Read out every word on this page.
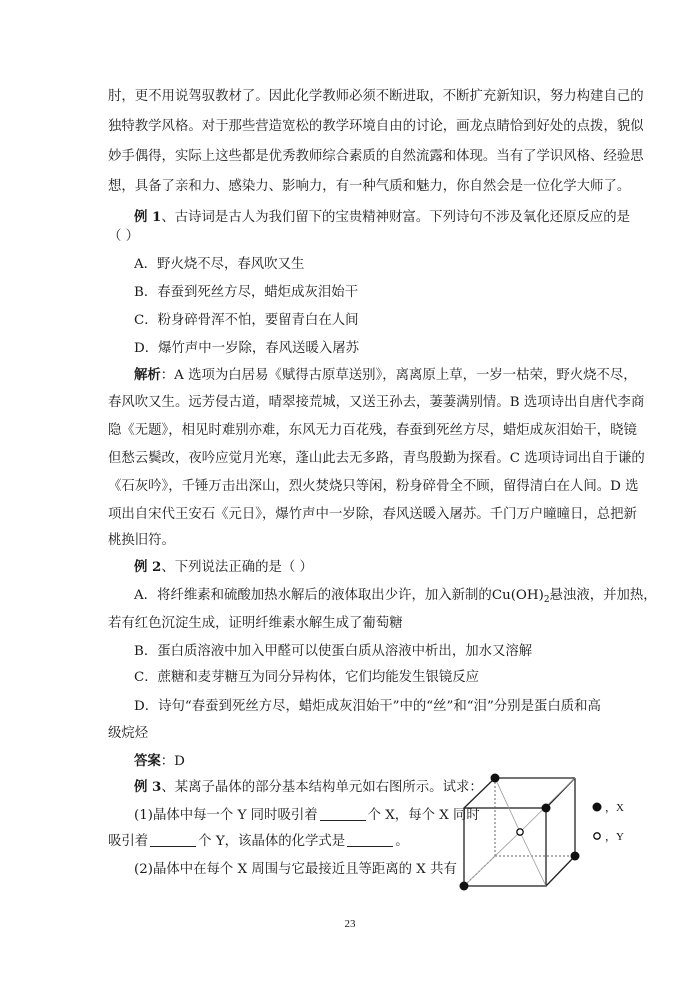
肘，更不用说驾驭教材了。因此化学教师必须不断进取，不断扩充新知识，努力构建自己的
独特教学风格。对于那些营造宽松的教学环境自由的讨论，画龙点睛恰到好处的点拨，貌似
妙手偶得，实际上这些都是优秀教师综合素质的自然流露和体现。当有了学识风格、经验思
想，具备了亲和力、感染力、影响力，有一种气质和魅力，你自然会是一位化学大师了。
例 1、古诗词是古人为我们留下的宝贵精神财富。下列诗句不涉及氧化还原反应的是
（ ）
A．野火烧不尽，春风吹又生
B．春蚕到死丝方尽，蜡炬成灰泪始干
C．粉身碎骨浑不怕，要留青白在人间
D．爆竹声中一岁除，春风送暖入屠苏
解析：A 选项为白居易《赋得古原草送别》，离离原上草，一岁一枯荣，野火烧不尽，
春风吹又生。远芳侵古道，晴翠接荒城，又送王孙去，萋萋满别情。B 选项诗出自唐代李商
隐《无题》，相见时难别亦难，东风无力百花残，春蚕到死丝方尽，蜡炬成灰泪始干，晓镜
但愁云鬓改，夜吟应觉月光寒，蓬山此去无多路，青鸟殷勤为探看。C 选项诗词出自于谦的
《石灰吟》，千锤万击出深山，烈火焚烧只等闲，粉身碎骨全不顾，留得清白在人间。D 选
项出自宋代王安石《元日》，爆竹声中一岁除，春风送暖入屠苏。千门万户曈曈日，总把新
桃换旧符。
例 2、下列说法正确的是（ ）
A．将纤维素和硫酸加热水解后的液体取出少许，加入新制的$Cu(OH)_2$悬浊液，并加热，
若有红色沉淀生成，证明纤维素水解生成了葡萄糖
B．蛋白质溶液中加入甲醛可以使蛋白质从溶液中析出，加水又溶解
C．蔗糖和麦芽糖互为同分异构体，它们均能发生银镜反应
D．诗句“春蚕到死丝方尽，蜡炬成灰泪始干”中的“丝”和“泪”分别是蛋白质和高
级烷烃
答案：D
例 3、某离子晶体的部分基本结构单元如右图所示。试求：
(1)晶体中每一个 Y 同时吸引着	个 X，每个 X 同时
吸引着	个 Y，该晶体的化学式是	。
(2)晶体中在每个 X 周围与它最接近且等距离的 X 共有
，X
，Y
23
